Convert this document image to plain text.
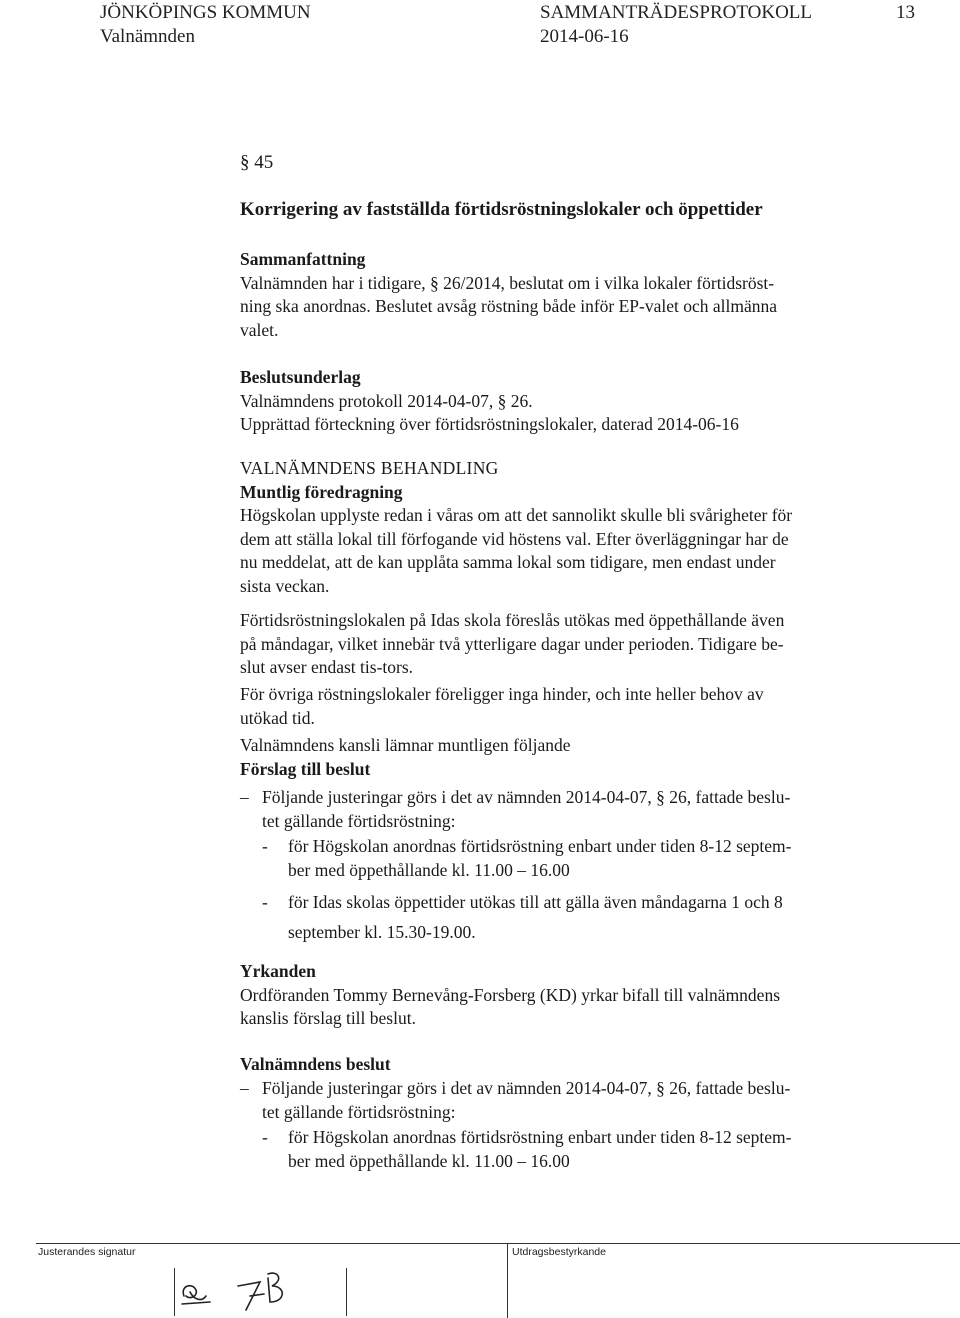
JÖNKÖPINGS KOMMUN
Valnämnden
SAMMANTRÄDESPROTOKOLL
2014-06-16
13
§ 45
Korrigering av fastställda förtidsröstningslokaler och öppettider

Sammanfattning

Valnämnden har i tidigare, § 26/2014, beslutat om i vilka lokaler förtidsröst-

ning ska anordnas. Beslutet avsåg röstning både inför EP-valet och allmänna

valet.

Beslutsunderlag

Valnämndens protokoll 2014-04-07, § 26.

Upprättad förteckning över förtidsröstningslokaler, daterad 2014-06-16

VALNÄMNDENS BEHANDLING

Muntlig föredragning

Högskolan upplyste redan i våras om att det sannolikt skulle bli svårigheter för

dem att ställa lokal till förfogande vid höstens val. Efter överläggningar har de

nu meddelat, att de kan upplåta samma lokal som tidigare, men endast under

sista veckan.

Förtidsröstningslokalen på Idas skola föreslås utökas med öppethållande även

på måndagar, vilket innebär två ytterligare dagar under perioden. Tidigare be-

slut avser endast tis-tors.

För övriga röstningslokaler föreligger inga hinder, och inte heller behov av

utökad tid.

Valnämndens kansli lämnar muntligen följande

Förslag till beslut

– Följande justeringar görs i det av nämnden 2014-04-07, § 26, fattade beslu-
tet gällande förtidsröstning:
- för Högskolan anordnas förtidsröstning enbart under tiden 8-12 septem-
ber med öppethållande kl. 11.00 – 16.00
- för Idas skolas öppettider utökas till att gälla även måndagarna 1 och 8
september kl. 15.30-19.00.

Yrkanden

Ordföranden Tommy Bernevång-Forsberg (KD) yrkar bifall till valnämndens

kanslis förslag till beslut.

Valnämndens beslut

– Följande justeringar görs i det av nämnden 2014-04-07, § 26, fattade beslu-
tet gällande förtidsröstning:
- för Högskolan anordnas förtidsröstning enbart under tiden 8-12 septem-
ber med öppethållande kl. 11.00 – 16.00
Justerandes signatur	Utdragsbestyrkande
